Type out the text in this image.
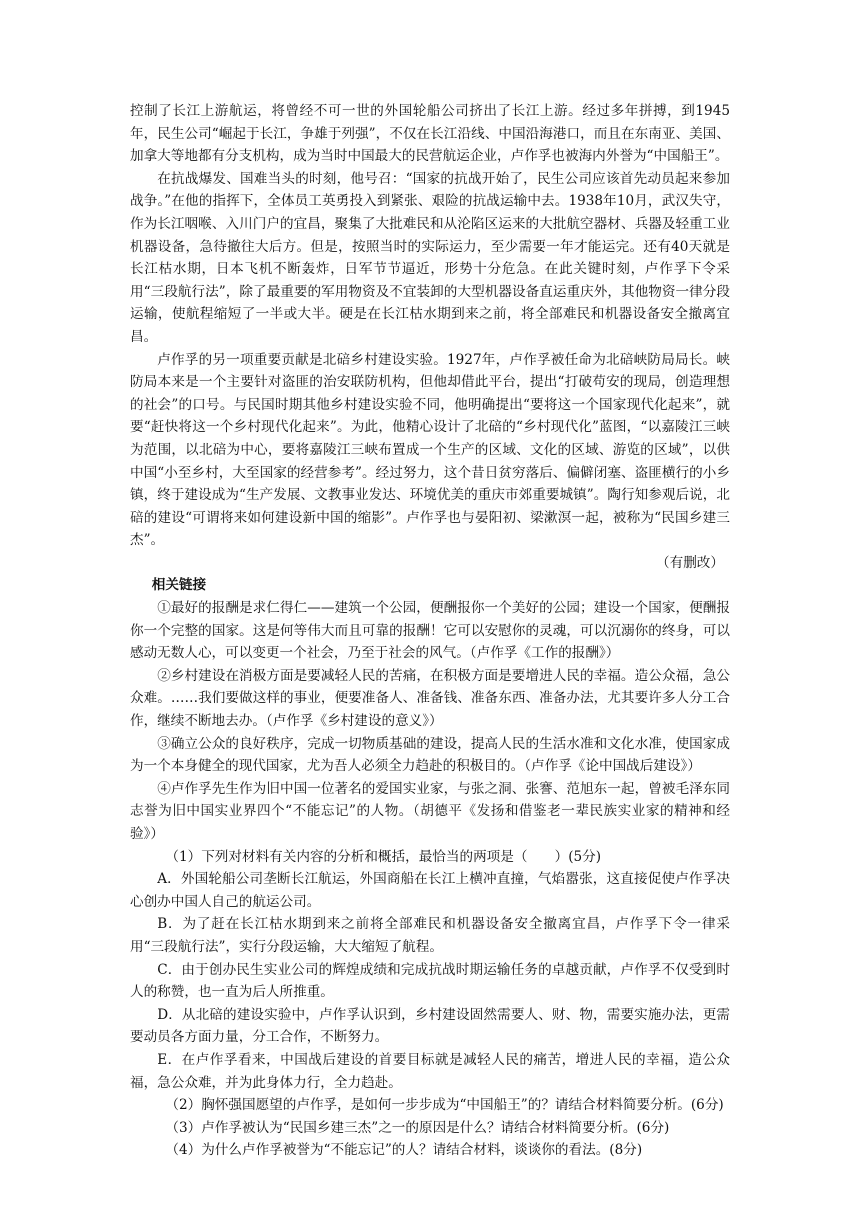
控制了长江上游航运，将曾经不可一世的外国轮船公司挤出了长江上游。经过多年拼搏，到1945年，民生公司“崛起于长江，争雄于列强”，不仅在长江沿线、中国沿海港口，而且在东南亚、美国、加拿大等地都有分支机构，成为当时中国最大的民营航运企业，卢作孚也被海内外誉为“中国船王”。

在抗战爆发、国难当头的时刻，他号召：“国家的抗战开始了，民生公司应该首先动员起来参加战争。”在他的指挥下，全体员工英勇投入到紧张、艰险的抗战运输中去。1938年10月，武汉失守，作为长江咽喉、入川门户的宜昌，聚集了大批难民和从沦陷区运来的大批航空器材、兵器及轻重工业机器设备，急待撤往大后方。但是，按照当时的实际运力，至少需要一年才能运完。还有40天就是长江枯水期，日本飞机不断轰炸，日军节节逼近，形势十分危急。在此关键时刻，卢作孚下令采用“三段航行法”，除了最重要的军用物资及不宜装卸的大型机器设备直运重庆外，其他物资一律分段运输，使航程缩短了一半或大半。硬是在长江枯水期到来之前，将全部难民和机器设备安全撤离宜昌。

卢作孚的另一项重要贡献是北碚乡村建设实验。1927年，卢作孚被任命为北碚峡防局局长。峡防局本来是一个主要针对盗匪的治安联防机构，但他却借此平台，提出“打破苟安的现局，创造理想的社会”的口号。与民国时期其他乡村建设实验不同，他明确提出“要将这一个国家现代化起来”，就要“赶快将这一个乡村现代化起来”。为此，他精心设计了北碚的“乡村现代化”蓝图，“以嘉陵江三峡为范围，以北碚为中心，要将嘉陵江三峡布置成一个生产的区域、文化的区域、游览的区域”，以供中国“小至乡村，大至国家的经营参考”。经过努力，这个昔日贫穷落后、偏僻闭塞、盗匪横行的小乡镇，终于建设成为“生产发展、文教事业发达、环境优美的重庆市郊重要城镇”。陶行知参观后说，北碚的建设“可谓将来如何建设新中国的缩影”。卢作孚也与晏阳初、梁漱溟一起，被称为“民国乡建三杰”。

（有删改）

相关链接

①最好的报酬是求仁得仁——建筑一个公园，便酬报你一个美好的公园；建设一个国家，便酬报你一个完整的国家。这是何等伟大而且可靠的报酬！它可以安慰你的灵魂，可以沉溺你的终身，可以感动无数人心，可以变更一个社会，乃至于社会的风气。（卢作孚《工作的报酬》）

②乡村建设在消极方面是要减轻人民的苦痛，在积极方面是要增进人民的幸福。造公众福，急公众难。……我们要做这样的事业，便要准备人、准备钱、准备东西、准备办法，尤其要许多人分工合作，继续不断地去办。（卢作孚《乡村建设的意义》）

③确立公众的良好秩序，完成一切物质基础的建设，提高人民的生活水准和文化水准，使国家成为一个本身健全的现代国家，尤为吾人必须全力趋赴的积极目的。（卢作孚《论中国战后建设》）

④卢作孚先生作为旧中国一位著名的爱国实业家，与张之洞、张謇、范旭东一起，曾被毛泽东同志誉为旧中国实业界四个“不能忘记”的人物。（胡德平《发扬和借鉴老一辈民族实业家的精神和经验》）

（1）下列对材料有关内容的分析和概括，最恰当的两项是（　　）(5分)

A．外国轮船公司垄断长江航运，外国商船在长江上横冲直撞，气焰嚣张，这直接促使卢作孚决心创办中国人自己的航运公司。

B．为了赶在长江枯水期到来之前将全部难民和机器设备安全撤离宜昌，卢作孚下令一律采用“三段航行法”，实行分段运输，大大缩短了航程。

C．由于创办民生实业公司的辉煌成绩和完成抗战时期运输任务的卓越贡献，卢作孚不仅受到时人的称赞，也一直为后人所推重。

D．从北碚的建设实验中，卢作孚认识到，乡村建设固然需要人、财、物，需要实施办法，更需要动员各方面力量，分工合作，不断努力。

E．在卢作孚看来，中国战后建设的首要目标就是减轻人民的痛苦，增进人民的幸福，造公众福，急公众难，并为此身体力行，全力趋赴。

（2）胸怀强国愿望的卢作孚，是如何一步步成为“中国船王”的？请结合材料简要分析。(6分)

（3）卢作孚被认为“民国乡建三杰”之一的原因是什么？请结合材料简要分析。(6分)

（4）为什么卢作孚被誉为“不能忘记”的人？请结合材料，谈谈你的看法。(8分)
